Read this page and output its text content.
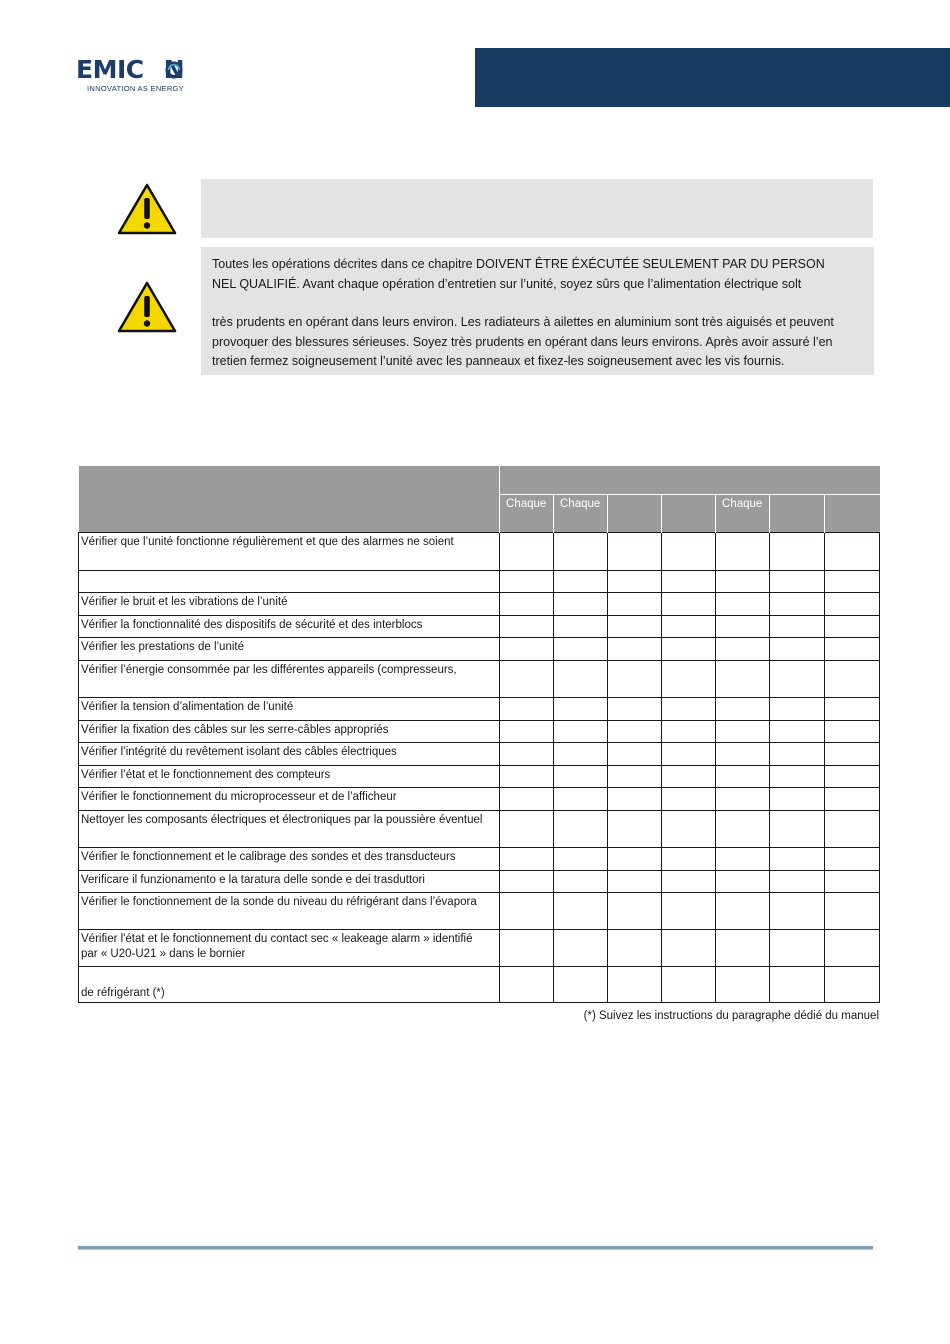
EMIC N
INNOVATION AS ENERGY

Toutes les opérations décrites dans ce chapitre DOIVENT ÊTRE ÉXÉCUTÉE SEULEMENT PAR DU PERSON

NEL QUALIFIÉ. Avant chaque opération d’entretien sur l’unité, soyez sûrs que l’alimentation électrique solt

très prudents en opérant dans leurs environ. Les radiateurs à ailettes en aluminium sont très aiguisés et peuvent

provoquer des blessures sérieuses. Soyez très prudents en opérant dans leurs environs. Après avoir assuré l’en

tretien fermez soigneusement l’unité avec les panneaux et fixez-les soigneusement avec les vis fournis.

	Chaque	Chaque			Chaque		
Vérifier que l’unité fonctionne régulièrement et que des alarmes ne soient							

Vérifier le bruit et les vibrations de l’unité							
Vérifier la fonctionnalité des dispositifs de sécurité et des interblocs							
Vérifier les prestations de l’unité							
Vérifier l’énergie consommée par les différentes appareils (compresseurs,							
Vérifier la tension d’alimentation de l’unité							
Vérifier la fixation des câbles sur les serre-câbles appropriés							
Vérifier l’intégrité du revêtement isolant des câbles électriques							
Vérifier l’état et le fonctionnement des compteurs							
Vérifier le fonctionnement du microprocesseur et de l’afficheur							
Nettoyer les composants électriques et électroniques par la poussière éventuel							
Vérifier le fonctionnement et le calibrage des sondes et des transducteurs							
Verificare il funzionamento e la taratura delle sonde e dei trasduttori							
Vérifier le fonctionnement de la sonde du niveau du réfrigérant dans l’évapora							
Vérifier l'état et le fonctionnement du contact sec « leakeage alarm » identifié
par « U20-U21 » dans le bornier							
de réfrigérant (*)							
(*) Suivez les instructions du paragraphe dédié du manuel
